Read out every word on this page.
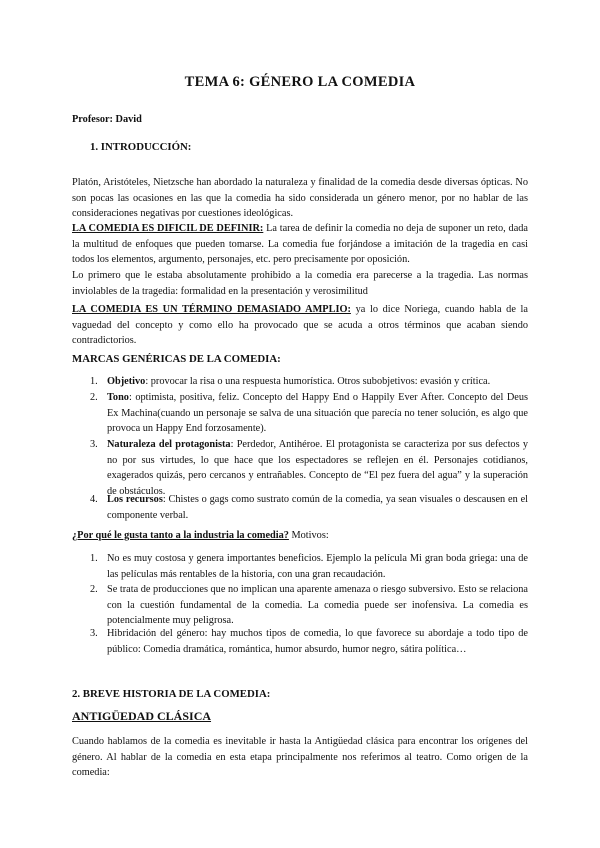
TEMA 6: GÉNERO LA COMEDIA
Profesor: David
1. INTRODUCCIÓN:
Platón, Aristóteles, Nietzsche han abordado la naturaleza y finalidad de la comedia desde diversas ópticas. No son pocas las ocasiones en las que la comedia ha sido considerada un género menor, por no hablar de las consideraciones negativas por cuestiones ideológicas.
LA COMEDIA ES DIFICIL DE DEFINIR: La tarea de definir la comedia no deja de suponer un reto, dada la multitud de enfoques que pueden tomarse. La comedia fue forjándose a imitación de la tragedia en casi todos los elementos, argumento, personajes, etc. pero precisamente por oposición.
Lo primero que le estaba absolutamente prohibido a la comedia era parecerse a la tragedia. Las normas inviolables de la tragedia: formalidad en la presentación y verosimilitud
LA COMEDIA ES UN TÉRMINO DEMASIADO AMPLIO: ya lo dice Noriega, cuando habla de la vaguedad del concepto y como ello ha provocado que se acuda a otros términos que acaban siendo contradictorios.
MARCAS GENÉRICAS DE LA COMEDIA:
1. Objetivo: provocar la risa o una respuesta humorística. Otros subobjetivos: evasión y crítica.
2. Tono: optimista, positiva, feliz. Concepto del Happy End o Happily Ever After. Concepto del Deus Ex Machina(cuando un personaje se salva de una situación que parecía no tener solución, es algo que provoca un Happy End forzosamente).
3. Naturaleza del protagonista: Perdedor, Antihéroe. El protagonista se caracteriza por sus defectos y no por sus virtudes, lo que hace que los espectadores se reflejen en él. Personajes cotidianos, exagerados quizás, pero cercanos y entrañables. Concepto de “El pez fuera del agua” y la superación de obstáculos.
4. Los recursos: Chistes o gags como sustrato común de la comedia, ya sean visuales o descausen en el componente verbal.
¿Por qué le gusta tanto a la industria la comedia? Motivos:
1. No es muy costosa y genera importantes beneficios. Ejemplo la película Mi gran boda griega: una de las películas más rentables de la historia, con una gran recaudación.
2. Se trata de producciones que no implican una aparente amenaza o riesgo subversivo. Esto se relaciona con la cuestión fundamental de la comedia. La comedia puede ser inofensiva. La comedia es potencialmente muy peligrosa.
3. Hibridación del género: hay muchos tipos de comedia, lo que favorece su abordaje a todo tipo de público: Comedia dramática, romántica, humor absurdo, humor negro, sátira política…
2. BREVE HISTORIA DE LA COMEDIA:
ANTIGÜEDAD CLÁSICA
Cuando hablamos de la comedia es inevitable ir hasta la Antigüedad clásica para encontrar los orígenes del género. Al hablar de la comedia en esta etapa principalmente nos referimos al teatro. Como origen de la comedia:
